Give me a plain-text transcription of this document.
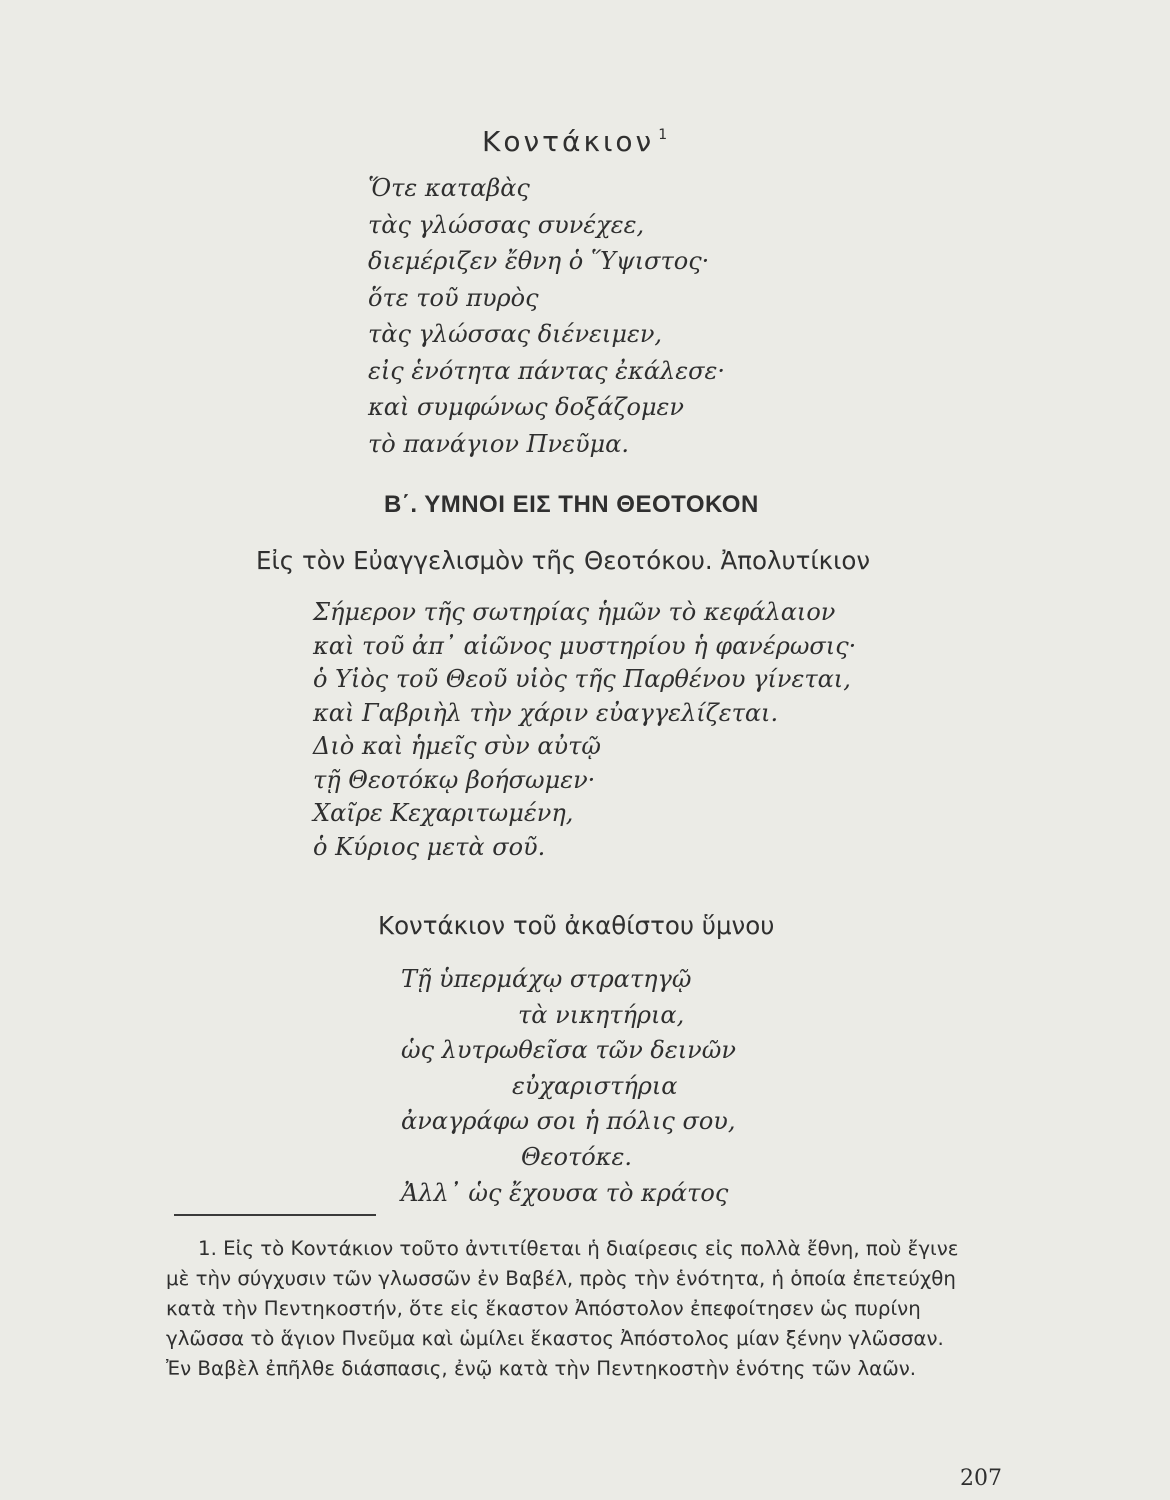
Κοντάκιον $^1$
Ὅτε καταβὰς
τὰς γλώσσας συνέχεε,
διεμέριζεν ἔθνη ὁ Ὕψιστος·
ὅτε τοῦ πυρὸς
τὰς γλώσσας διένειμεν,
εἰς ἑνότητα πάντας ἐκάλεσε·
καὶ συμφώνως δοξάζομεν
τὸ πανάγιον Πνεῦμα.
Β΄. ΥΜΝΟΙ ΕΙΣ ΤΗΝ ΘΕΟΤΟΚΟΝ
Εἰς τὸν Εὐαγγελισμὸν τῆς Θεοτόκου. Ἀπολυτίκιον
Σήμερον τῆς σωτηρίας ἡμῶν τὸ κεφάλαιον
καὶ τοῦ ἀπ᾿ αἰῶνος μυστηρίου ἡ φανέρωσις·
ὁ Υἱὸς τοῦ Θεοῦ υἱὸς τῆς Παρθένου γίνεται,
καὶ Γαβριὴλ τὴν χάριν εὐαγγελίζεται.
Διὸ καὶ ἡμεῖς σὺν αὐτῷ
τῇ Θεοτόκῳ βοήσωμεν·
Χαῖρε Κεχαριτωμένη,
ὁ Κύριος μετὰ σοῦ.
Κοντάκιον τοῦ ἀκαθίστου ὕμνου
Τῇ ὑπερμάχῳ στρατηγῷ
τὰ νικητήρια,
ὡς λυτρωθεῖσα τῶν δεινῶν
εὐχαριστήρια
ἀναγράφω σοι ἡ πόλις σου,
Θεοτόκε.
Ἀλλ᾿ ὡς ἔχουσα τὸ κράτος
1. Εἰς τὸ Κοντάκιον τοῦτο ἀντιτίθεται ἡ διαίρεσις εἰς πολλὰ ἔθνη, ποὺ ἔγινε
μὲ τὴν σύγχυσιν τῶν γλωσσῶν ἐν Βαβέλ, πρὸς τὴν ἑνότητα, ἡ ὁποία ἐπετεύχθη
κατὰ τὴν Πεντηκοστήν, ὅτε εἰς ἕκαστον Ἀπόστολον ἐπεφοίτησεν ὡς πυρίνη
γλῶσσα τὸ ἅγιον Πνεῦμα καὶ ὡμίλει ἕκαστος Ἀπόστολος μίαν ξένην γλῶσσαν.
Ἐν Βαβὲλ ἐπῆλθε διάσπασις, ἐνῷ κατὰ τὴν Πεντηκοστὴν ἑνότης τῶν λαῶν.
207
